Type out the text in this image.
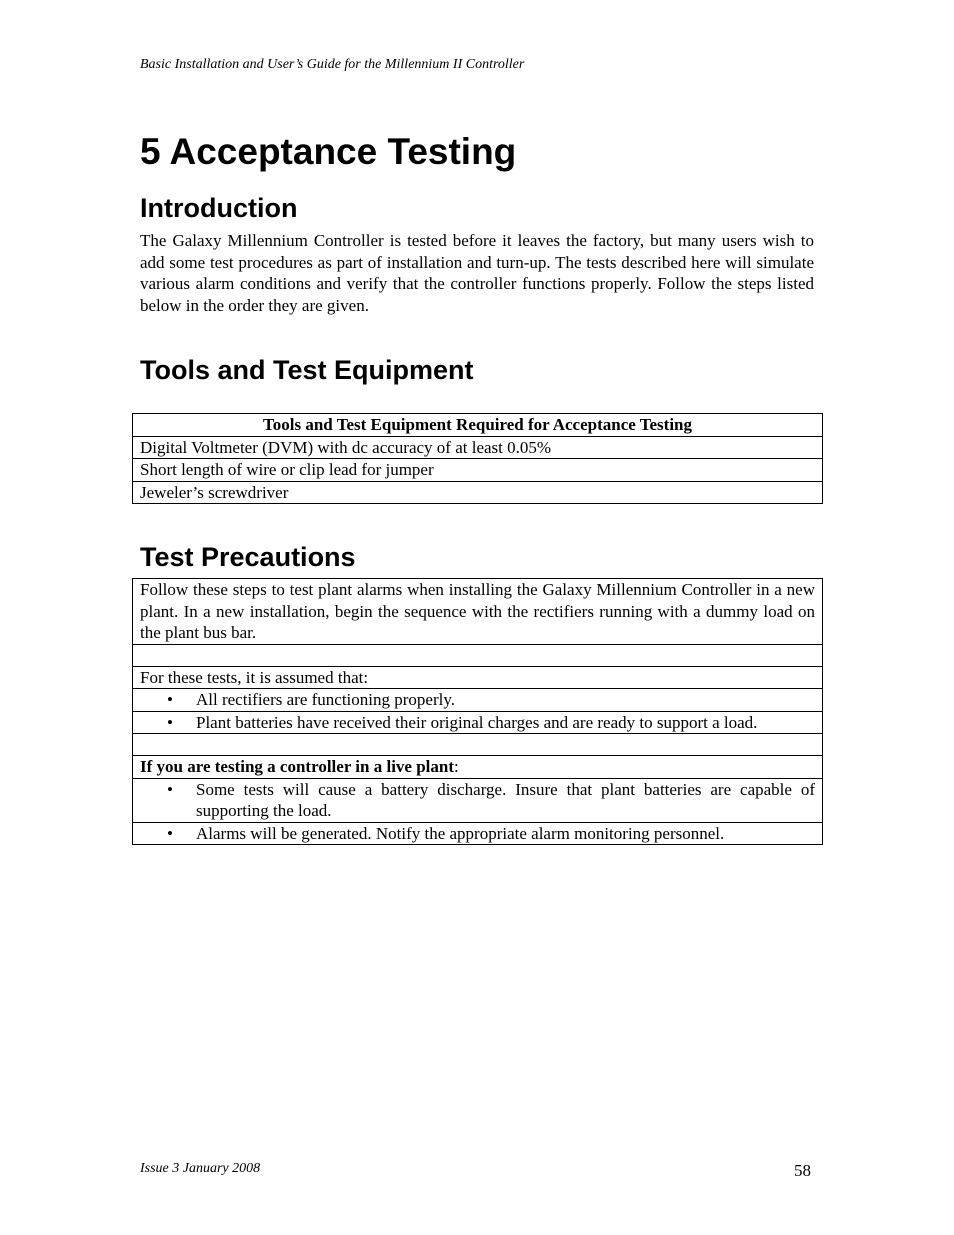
Basic Installation and User’s Guide for the Millennium II Controller
5 Acceptance Testing
Introduction

The Galaxy Millennium Controller is tested before it leaves the factory, but many users wish to add some test procedures as part of installation and turn-up. The tests described here will simulate various alarm conditions and verify that the controller functions properly. Follow the steps listed below in the order they are given.

Tools and Test Equipment
Tools and Test Equipment Required for Acceptance Testing
Digital Voltmeter (DVM) with dc accuracy of at least 0.05%
Short length of wire or clip lead for jumper
Jeweler’s screwdriver
Test Precautions
Follow these steps to test plant alarms when installing the Galaxy Millennium Controller in a new plant. In a new installation, begin the sequence with the rectifiers running with a dummy load on the plant bus bar.

For these tests, it is assumed that:

•	All rectifiers are functioning properly.

•	Plant batteries have received their original charges and are ready to support a load.

If you are testing a controller in a live plant:

•	Some tests will cause a battery discharge. Insure that plant batteries are capable of supporting the load.

•	Alarms will be generated. Notify the appropriate alarm monitoring personnel.
Issue 3 January 2008	58
